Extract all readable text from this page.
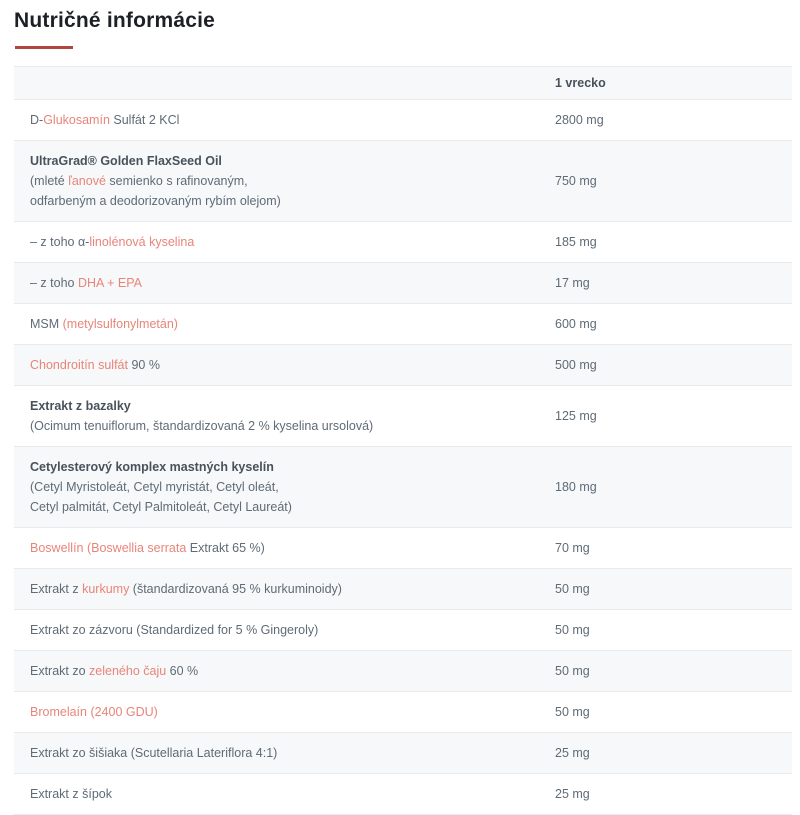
Nutričné informácie
	1 vrecko

D-Glukosamín Sulfát 2 KCl	2800 mg

UltraGrad® Golden FlaxSeed Oil
(mleté ľanové semienko s rafinovaným,
odfarbeným a deodorizovaným rybím olejom)	750 mg

– z toho α-linolénová kyselina	185 mg

– z toho DHA + EPA	17 mg

MSM (metylsulfonylmetán)	600 mg

Chondroitín sulfát 90 %	500 mg

Extrakt z bazalky
(Ocimum tenuiflorum, štandardizovaná 2 % kyselina ursolová)	125 mg

Cetylesterový komplex mastných kyselín
(Cetyl Myristoleát, Cetyl myristát, Cetyl oleát,
Cetyl palmitát, Cetyl Palmitoleát, Cetyl Laureát)	180 mg

Boswellín (Boswellia serrata Extrakt 65 %)	70 mg

Extrakt z kurkumy (štandardizovaná 95 % kurkuminoidy)	50 mg

Extrakt zo zázvoru (Standardized for 5 % Gingeroly)	50 mg

Extrakt zo zeleného čaju 60 %	50 mg

Bromelaín (2400 GDU)	50 mg

Extrakt zo šišiaka (Scutellaria Lateriflora 4:1)	25 mg

Extrakt z šípok	25 mg
